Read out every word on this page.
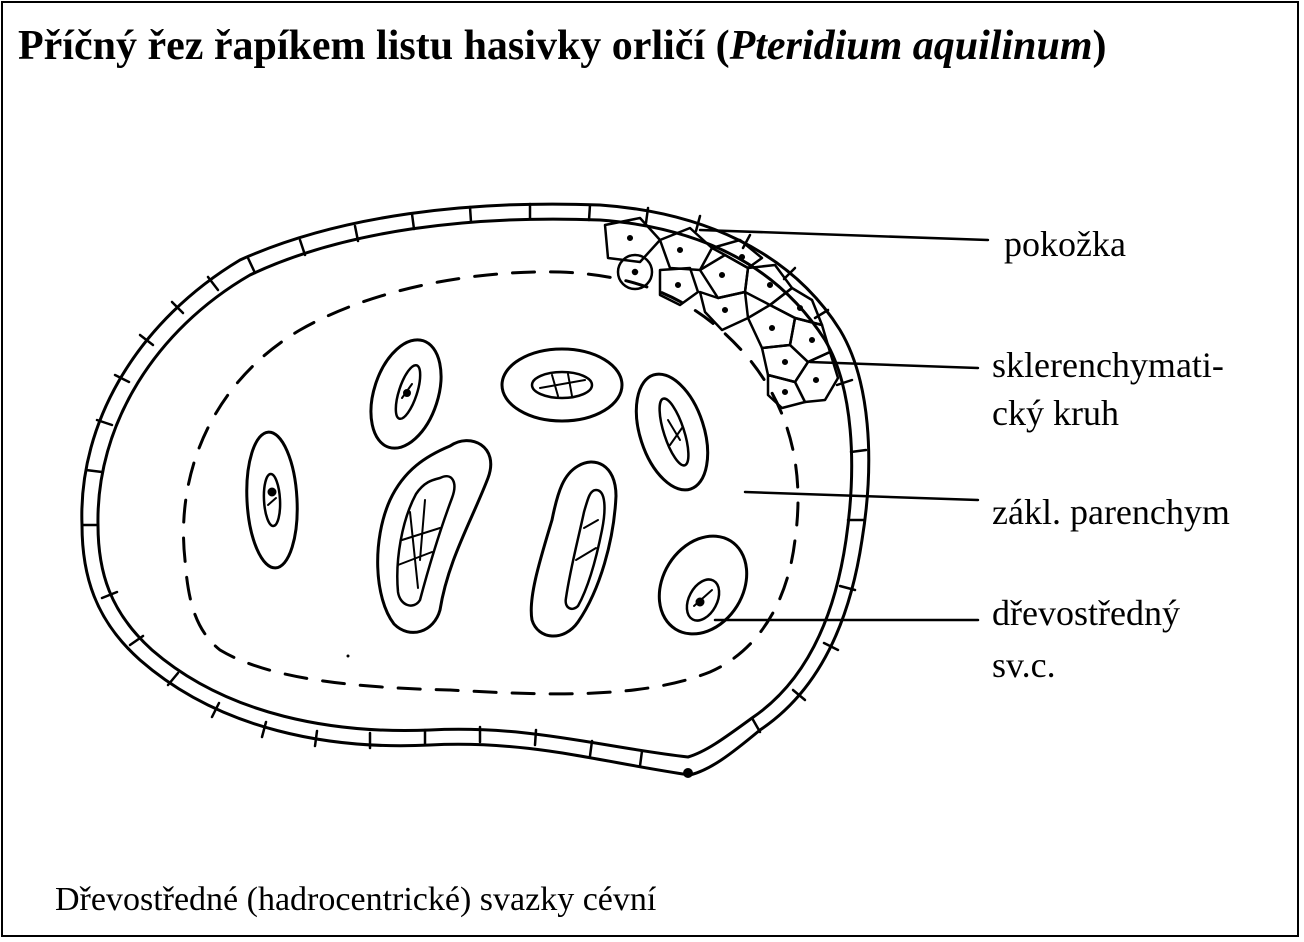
Příčný řez řapíkem listu hasivky orličí (Pteridium aquilinum)
pokožka
sklerenchymati-
cký kruh
zákl. parenchym
dřevostředný
sv.c.
Dřevostředné (hadrocentrické) svazky cévní
